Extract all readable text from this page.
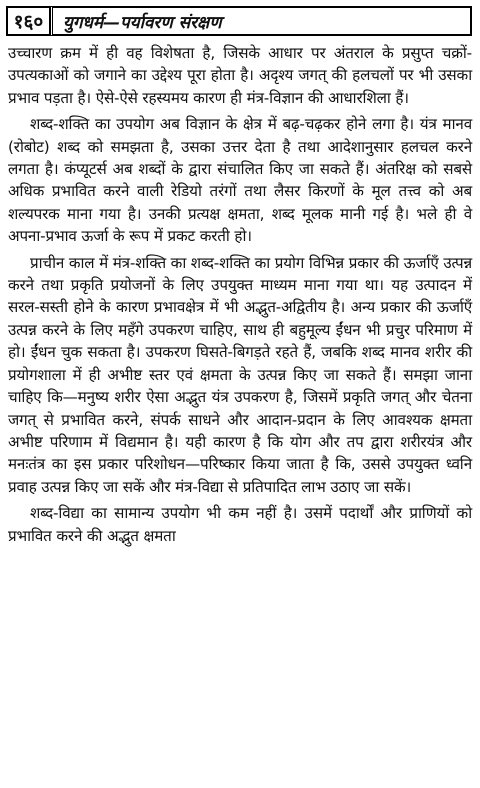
१६०	युगधर्म—पर्यावरण संरक्षण

उच्चारण क्रम में ही वह विशेषता है, जिसके आधार पर अंतराल के प्रसुप्त चक्रों-उपत्यकाओं को जगाने का उद्देश्य पूरा होता है। अदृश्य जगत् की हलचलों पर भी उसका प्रभाव पड़ता है। ऐसे-ऐसे रहस्यमय कारण ही मंत्र-विज्ञान की आधारशिला हैं।

शब्द-शक्ति का उपयोग अब विज्ञान के क्षेत्र में बढ़-चढ़कर होने लगा है। यंत्र मानव (रोबोट) शब्द को समझता है, उसका उत्तर देता है तथा आदेशानुसार हलचल करने लगता है। कंप्यूटर्स अब शब्दों के द्वारा संचालित किए जा सकते हैं। अंतरिक्ष को सबसे अधिक प्रभावित करने वाली रेडियो तरंगों तथा लैसर किरणों के मूल तत्त्व को अब शल्यपरक माना गया है। उनकी प्रत्यक्ष क्षमता, शब्द मूलक मानी गई है। भले ही वे अपना-प्रभाव ऊर्जा के रूप में प्रकट करती हो।

प्राचीन काल में मंत्र-शक्ति का शब्द-शक्ति का प्रयोग विभिन्न प्रकार की ऊर्जाएँ उत्पन्न करने तथा प्रकृति प्रयोजनों के लिए उपयुक्त माध्यम माना गया था। यह उत्पादन में सरल-सस्ती होने के कारण प्रभावक्षेत्र में भी अद्भुत-अद्वितीय है। अन्य प्रकार की ऊर्जाएँ उत्पन्न करने के लिए महँगे उपकरण चाहिए, साथ ही बहुमूल्य ईंधन भी प्रचुर परिमाण में हो। ईंधन चुक सकता है। उपकरण घिसते-बिगड़ते रहते हैं, जबकि शब्द मानव शरीर की प्रयोगशाला में ही अभीष्ट स्तर एवं क्षमता के उत्पन्न किए जा सकते हैं। समझा जाना चाहिए कि—मनुष्य शरीर ऐसा अद्भुत यंत्र उपकरण है, जिसमें प्रकृति जगत् और चेतना जगत् से प्रभावित करने, संपर्क साधने और आदान-प्रदान के लिए आवश्यक क्षमता अभीष्ट परिणाम में विद्यमान है। यही कारण है कि योग और तप द्वारा शरीरयंत्र और मनःतंत्र का इस प्रकार परिशोधन—परिष्कार किया जाता है कि, उससे उपयुक्त ध्वनि प्रवाह उत्पन्न किए जा सकें और मंत्र-विद्या से प्रतिपादित लाभ उठाए जा सकें।

शब्द-विद्या का सामान्य उपयोग भी कम नहीं है। उसमें पदार्थों और प्राणियों को प्रभावित करने की अद्भुत क्षमता
